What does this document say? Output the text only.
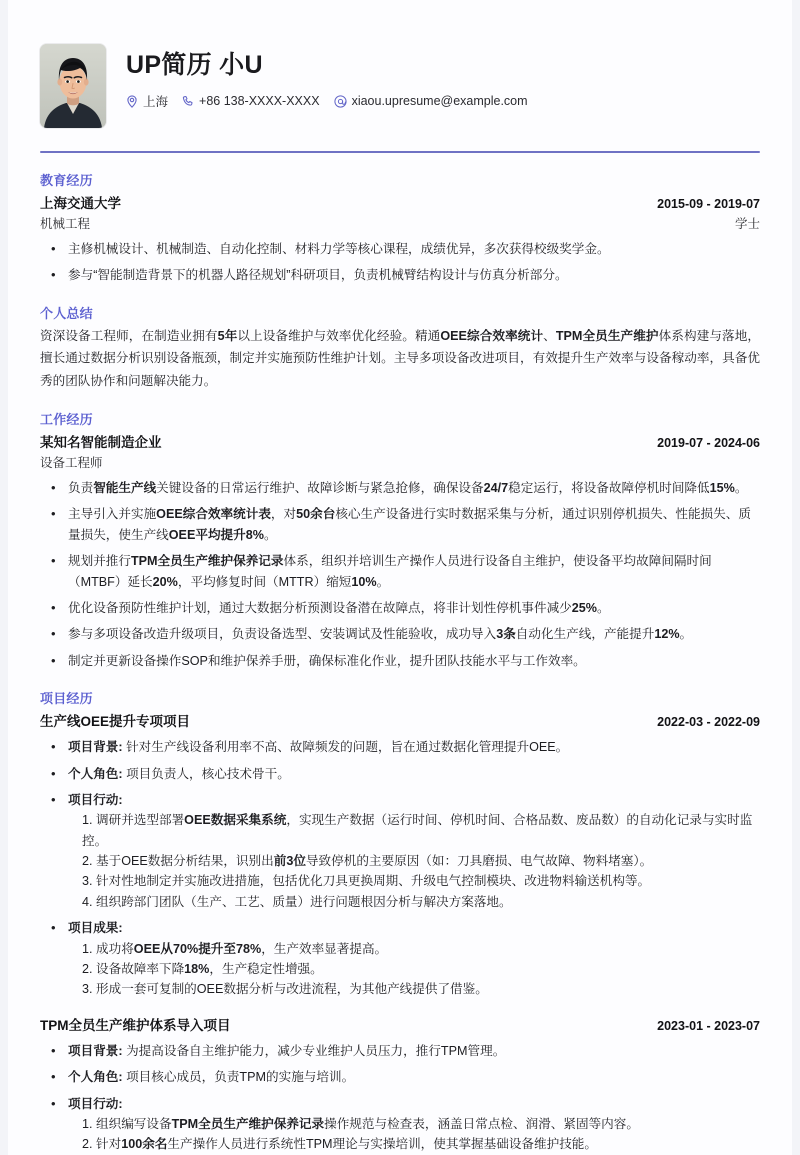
UP简历 小U
上海 +86 138-XXXX-XXXX	xiaou.upresume@example.com
教育经历
上海交通大学	2015-09 - 2019-07
机械工程	学士
• 主修机械设计、机械制造、自动化控制、材料力学等核心课程，成绩优异，多次获得校级奖学金。
• 参与“智能制造背景下的机器人路径规划”科研项目，负责机械臂结构设计与仿真分析部分。
个人总结
资深设备工程师，在制造业拥有5年以上设备维护与效率优化经验。精通OEE综合效率统计、TPM全员生产维护体系构建与落地，擅长通过数据分析识别设备瓶颈，制定并实施预防性维护计划。主导多项设备改进项目，有效提升生产效率与设备稼动率，具备优秀的团队协作和问题解决能力。
工作经历
某知名智能制造企业	2019-07 - 2024-06
设备工程师
• 负责智能生产线关键设备的日常运行维护、故障诊断与紧急抢修，确保设备24/7稳定运行，将设备故障停机时间降低15%。
• 主导引入并实施OEE综合效率统计表，对50余台核心生产设备进行实时数据采集与分析，通过识别停机损失、性能损失、质量损失，使生产线OEE平均提升8%。
• 规划并推行TPM全员生产维护保养记录体系，组织并培训生产操作人员进行设备自主维护，使设备平均故障间隔时间（MTBF）延长20%，平均修复时间（MTTR）缩短10%。
• 优化设备预防性维护计划，通过大数据分析预测设备潜在故障点，将非计划性停机事件减少25%。
• 参与多项设备改造升级项目，负责设备选型、安装调试及性能验收，成功导入3条自动化生产线，产能提升12%。
• 制定并更新设备操作SOP和维护保养手册，确保标准化作业，提升团队技能水平与工作效率。
项目经历
生产线OEE提升专项项目	2022-03 - 2022-09
• 项目背景: 针对生产线设备利用率不高、故障频发的问题，旨在通过数据化管理提升OEE。
• 个人角色: 项目负责人，核心技术骨干。
• 项目行动:
1. 调研并选型部署OEE数据采集系统，实现生产数据（运行时间、停机时间、合格品数、废品数）的自动化记录与实时监控。
2. 基于OEE数据分析结果，识别出前3位导致停机的主要原因（如：刀具磨损、电气故障、物料堵塞）。
3. 针对性地制定并实施改进措施，包括优化刀具更换周期、升级电气控制模块、改进物料输送机构等。
4. 组织跨部门团队（生产、工艺、质量）进行问题根因分析与解决方案落地。
• 项目成果:
1. 成功将OEE从70%提升至78%，生产效率显著提高。
2. 设备故障率下降18%，生产稳定性增强。
3. 形成一套可复制的OEE数据分析与改进流程，为其他产线提供了借鉴。
TPM全员生产维护体系导入项目	2023-01 - 2023-07
• 项目背景: 为提高设备自主维护能力，减少专业维护人员压力，推行TPM管理。
• 个人角色: 项目核心成员，负责TPM的实施与培训。
• 项目行动:
1. 组织编写设备TPM全员生产维护保养记录操作规范与检查表，涵盖日常点检、润滑、紧固等内容。
2. 针对100余名生产操作人员进行系统性TPM理论与实操培训，使其掌握基础设备维护技能。
